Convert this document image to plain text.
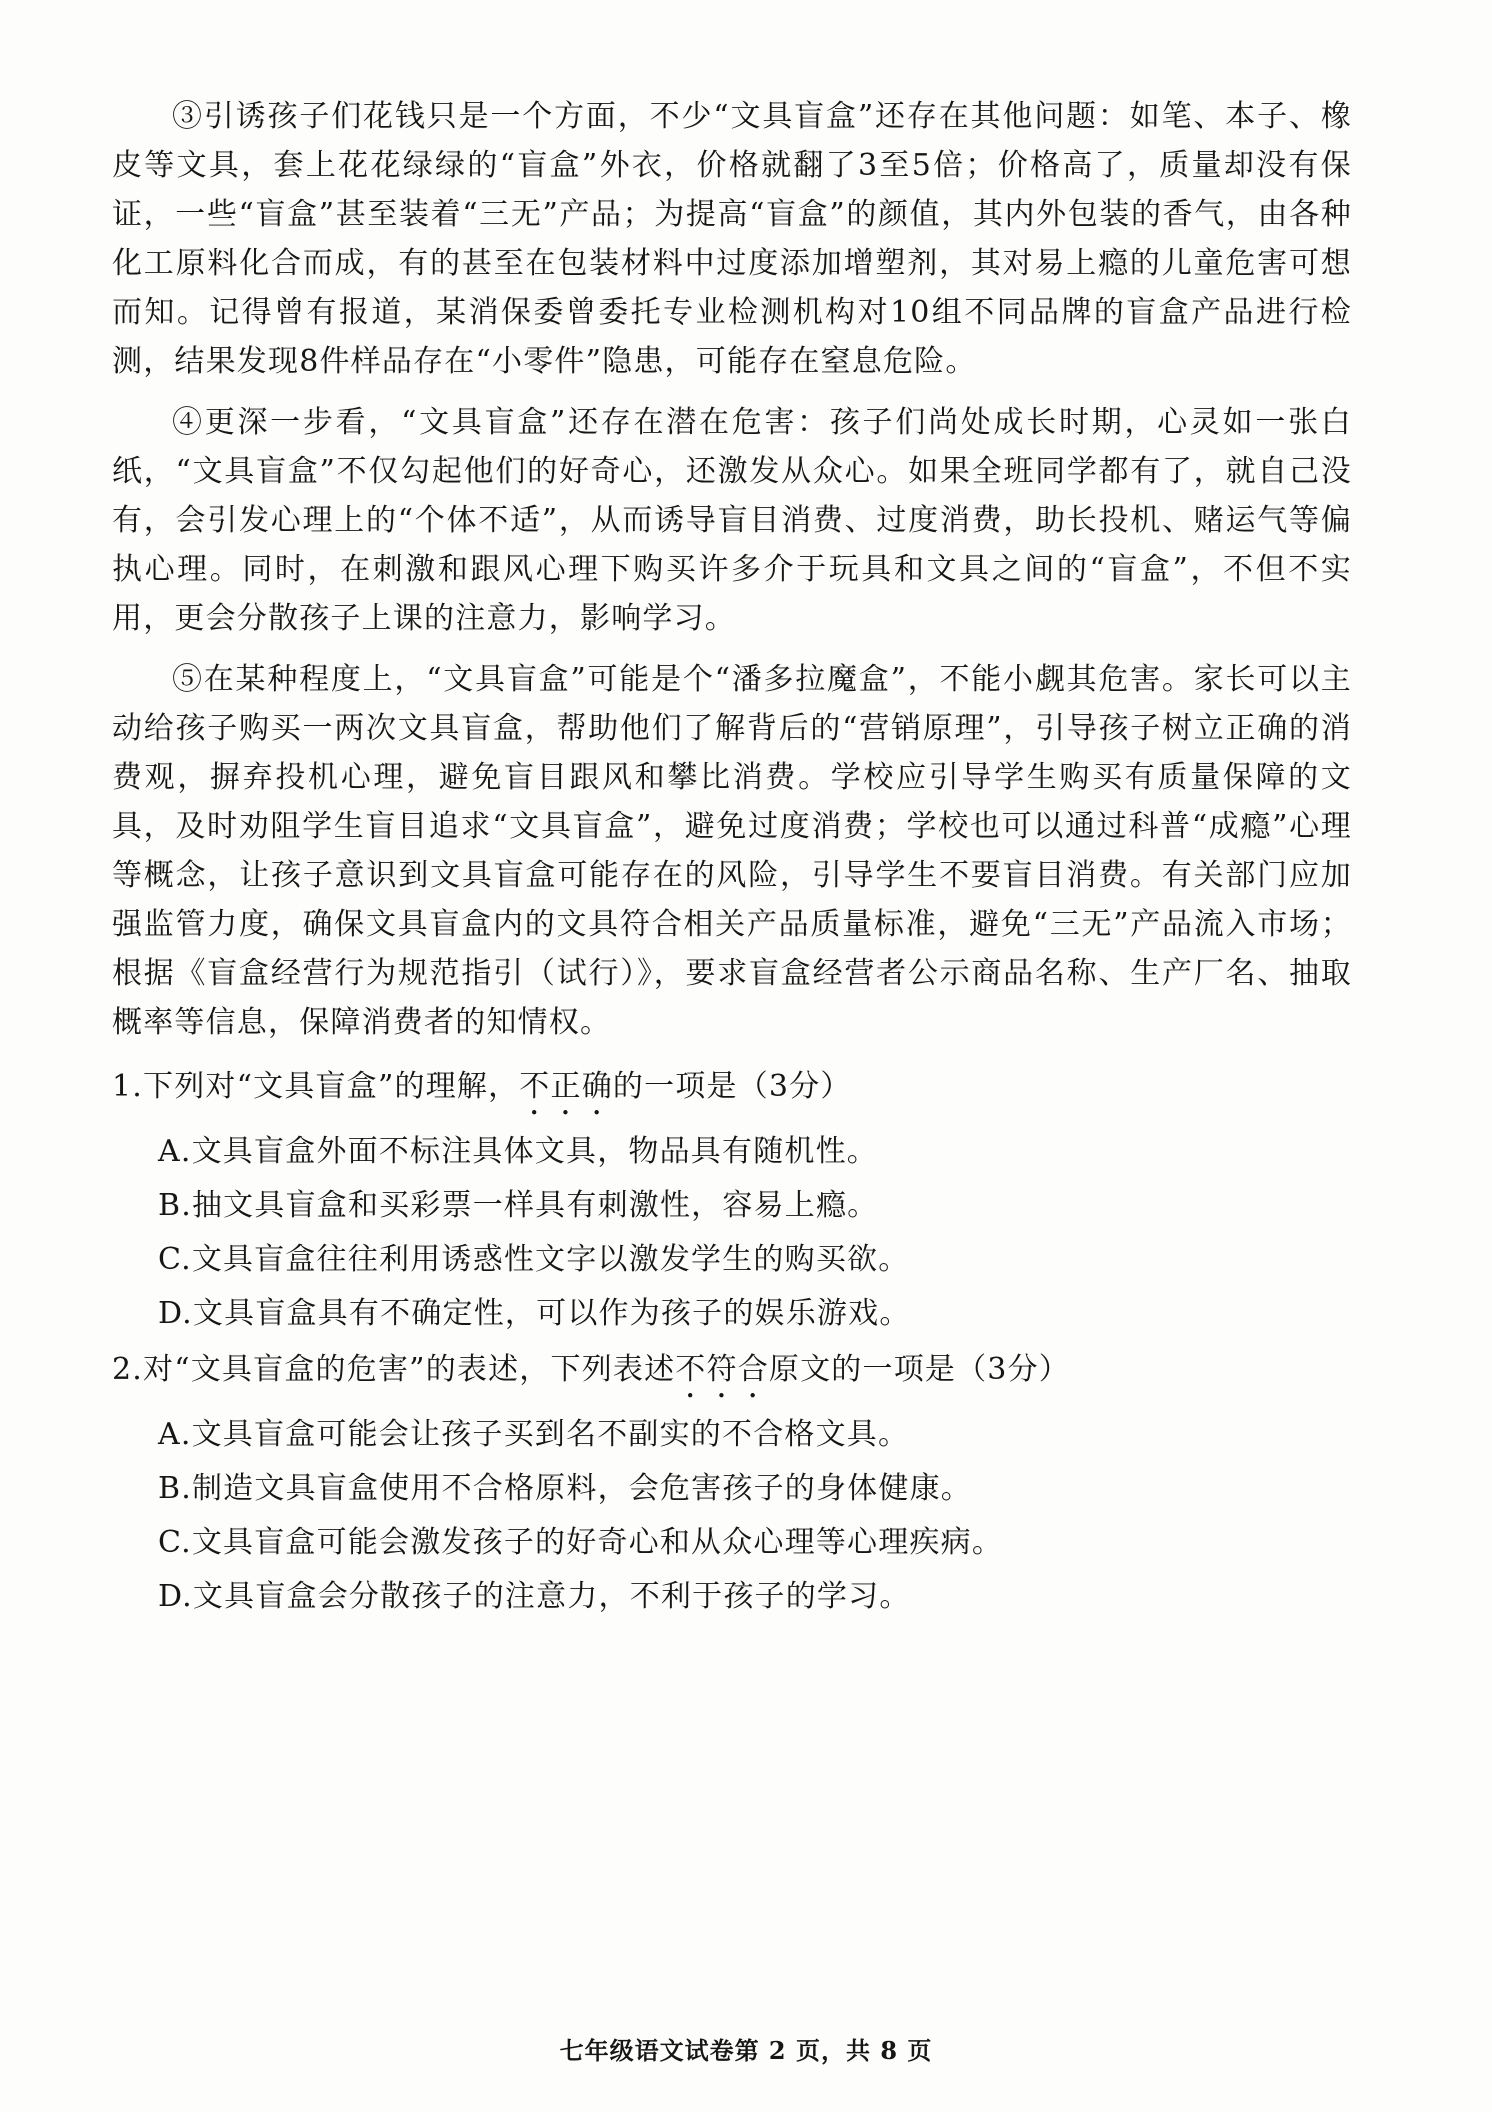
③引诱孩子们花钱只是一个方面，不少“文具盲盒”还存在其他问题：如笔、本子、橡皮等文具，套上花花绿绿的“盲盒”外衣，价格就翻了3至5倍；价格高了，质量却没有保证，一些“盲盒”甚至装着“三无”产品；为提高“盲盒”的颜值，其内外包装的香气，由各种化工原料化合而成，有的甚至在包装材料中过度添加增塑剂，其对易上瘾的儿童危害可想而知。记得曾有报道，某消保委曾委托专业检测机构对10组不同品牌的盲盒产品进行检测，结果发现8件样品存在“小零件”隐患，可能存在窒息危险。

④更深一步看，“文具盲盒”还存在潜在危害：孩子们尚处成长时期，心灵如一张白纸，“文具盲盒”不仅勾起他们的好奇心，还激发从众心。如果全班同学都有了，就自己没有，会引发心理上的“个体不适”，从而诱导盲目消费、过度消费，助长投机、赌运气等偏执心理。同时，在刺激和跟风心理下购买许多介于玩具和文具之间的“盲盒”，不但不实用，更会分散孩子上课的注意力，影响学习。

⑤在某种程度上，“文具盲盒”可能是个“潘多拉魔盒”，不能小觑其危害。家长可以主动给孩子购买一两次文具盲盒，帮助他们了解背后的“营销原理”，引导孩子树立正确的消费观，摒弃投机心理，避免盲目跟风和攀比消费。学校应引导学生购买有质量保障的文具，及时劝阻学生盲目追求“文具盲盒”，避免过度消费；学校也可以通过科普“成瘾”心理等概念，让孩子意识到文具盲盒可能存在的风险，引导学生不要盲目消费。有关部门应加强监管力度，确保文具盲盒内的文具符合相关产品质量标准，避免“三无”产品流入市场；根据《盲盒经营行为规范指引（试行）》，要求盲盒经营者公示商品名称、生产厂名、抽取概率等信息，保障消费者的知情权。

1.下列对“文具盲盒”的理解，不正确的一项是（3分）
A.文具盲盒外面不标注具体文具，物品具有随机性。
B.抽文具盲盒和买彩票一样具有刺激性，容易上瘾。
C.文具盲盒往往利用诱惑性文字以激发学生的购买欲。
D.文具盲盒具有不确定性，可以作为孩子的娱乐游戏。
2.对“文具盲盒的危害”的表述，下列表述不符合原文的一项是（3分）
A.文具盲盒可能会让孩子买到名不副实的不合格文具。
B.制造文具盲盒使用不合格原料，会危害孩子的身体健康。
C.文具盲盒可能会激发孩子的好奇心和从众心理等心理疾病。
D.文具盲盒会分散孩子的注意力，不利于孩子的学习。
七年级语文试卷第 2 页，共 8 页
